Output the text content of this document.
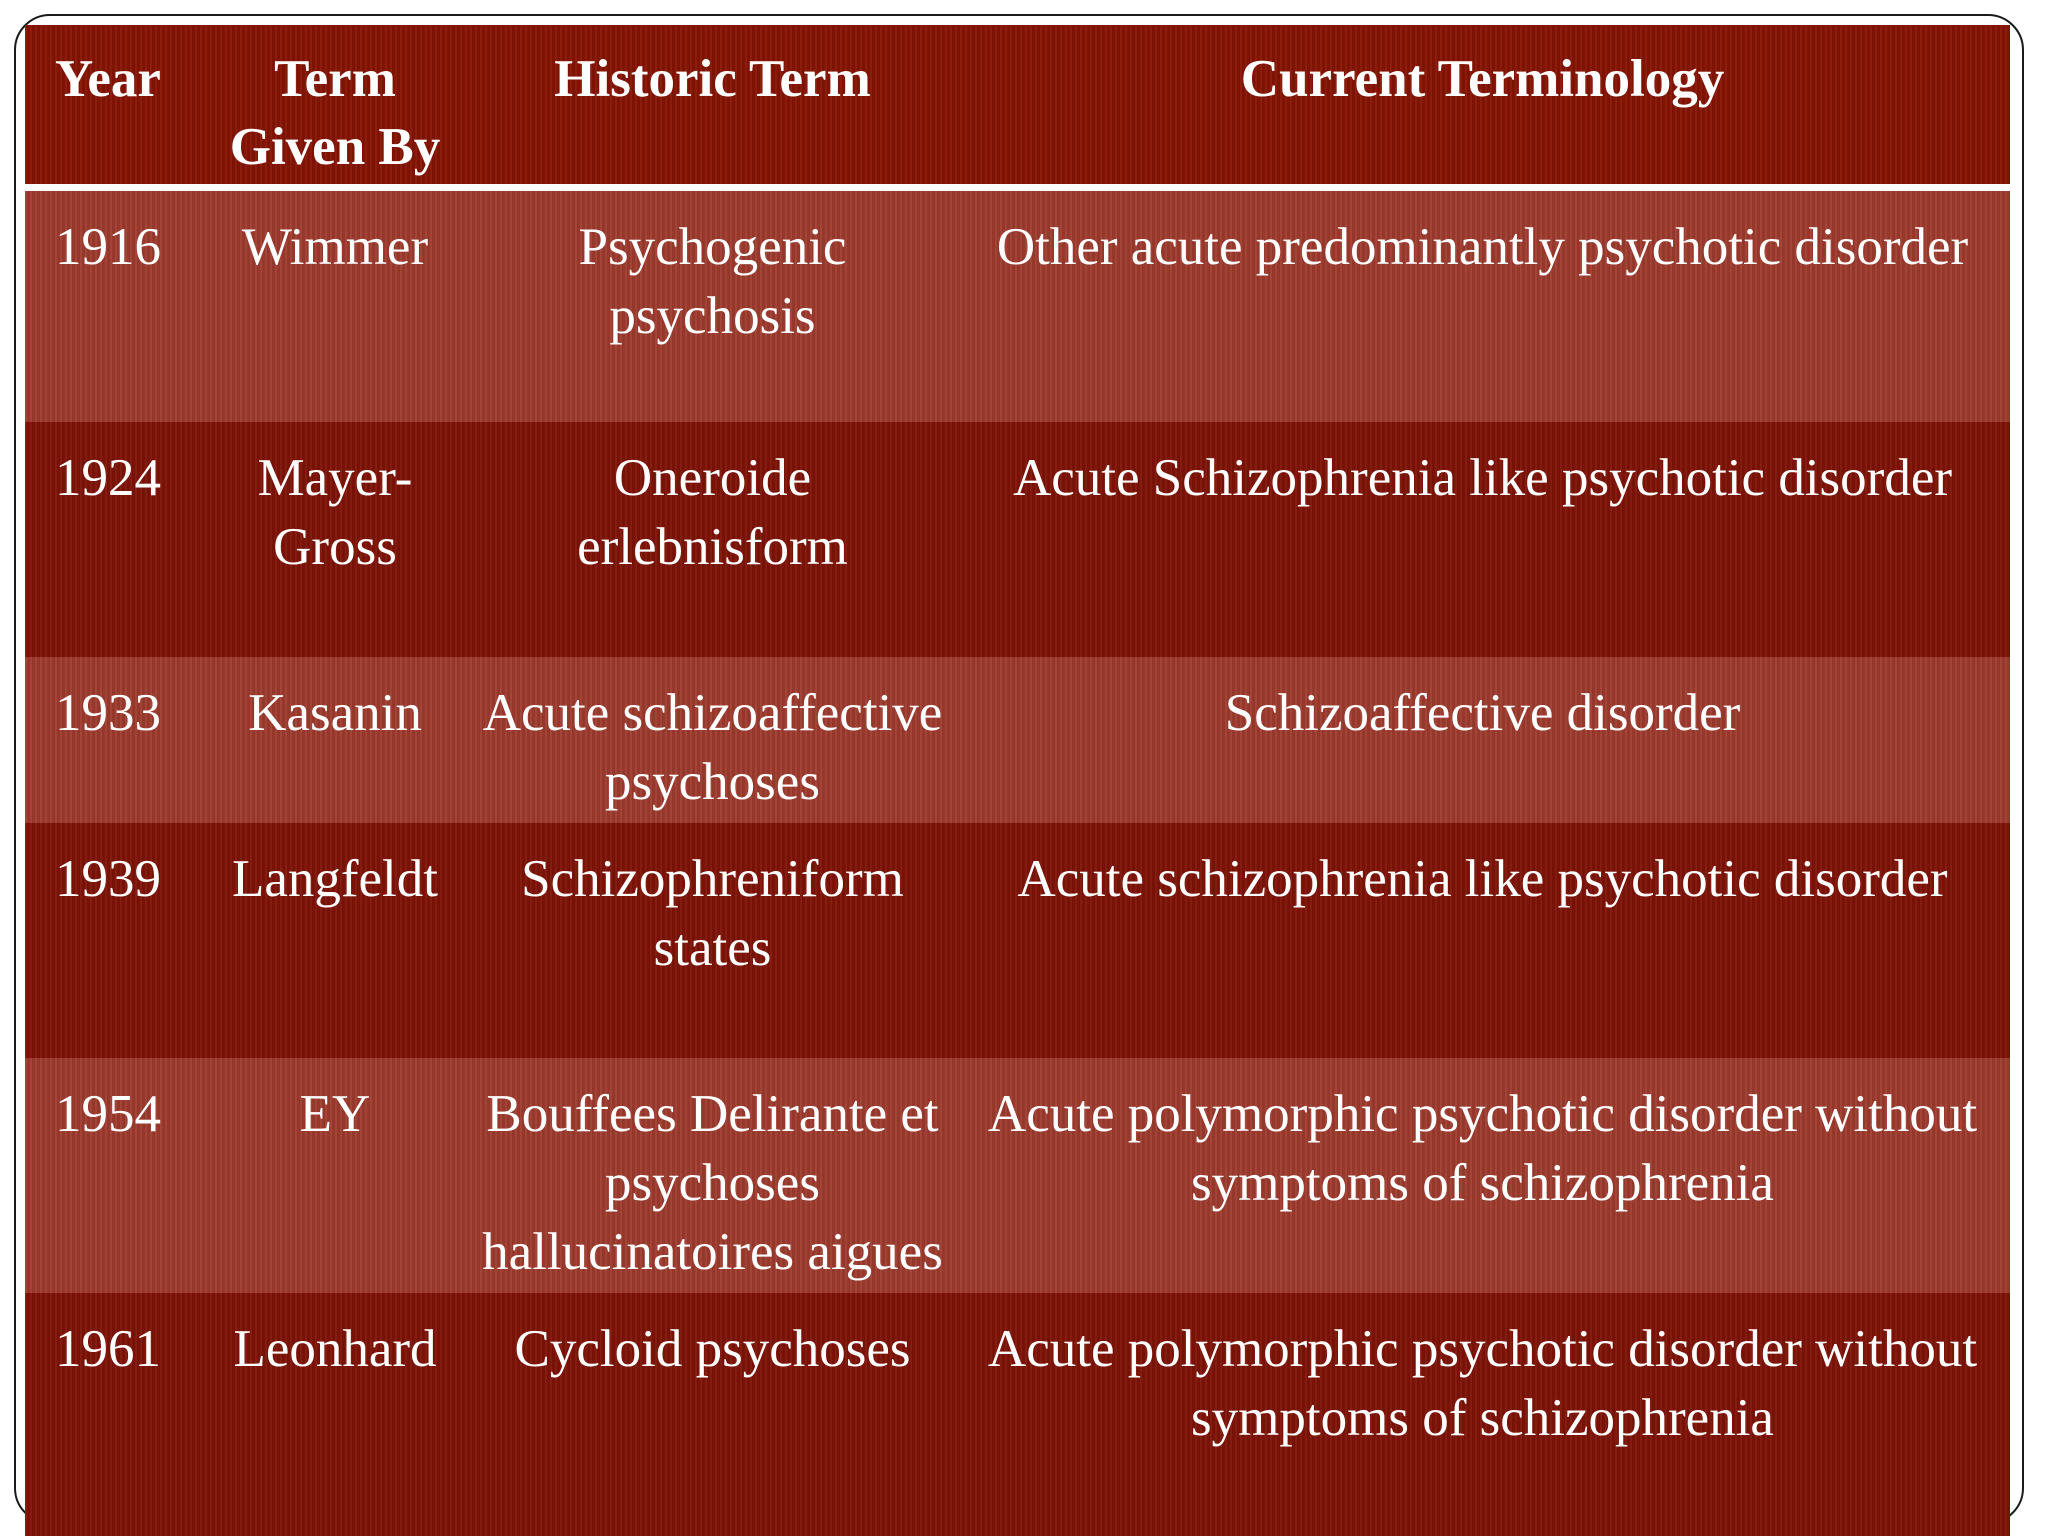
Year	Term Given By	Historic Term	Current Terminology
1916	Wimmer	Psychogenic psychosis	Other acute predominantly psychotic disorder
1924	Mayer-Gross	Oneroide erlebnisform	Acute Schizophrenia like psychotic disorder
1933	Kasanin	Acute schizoaffective psychoses	Schizoaffective disorder
1939	Langfeldt	Schizophreniform states	Acute schizophrenia like psychotic disorder
1954	EY	Bouffees Delirante et psychoses hallucinatoires aigues	Acute polymorphic psychotic disorder without symptoms of schizophrenia
1961	Leonhard	Cycloid psychoses	Acute polymorphic psychotic disorder without symptoms of schizophrenia
